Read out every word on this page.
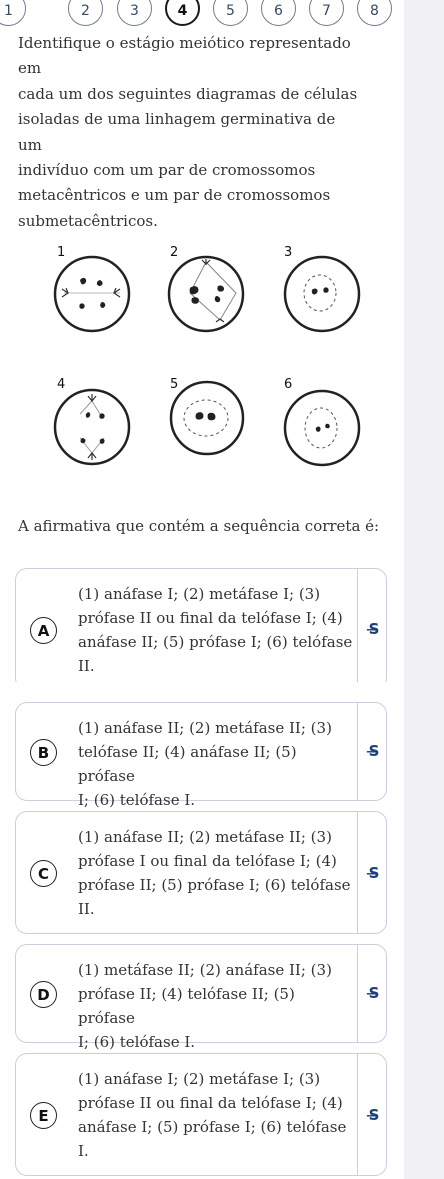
1	2	3	4	5	6	7	8
Identifique o estágio meiótico representado em
cada um dos seguintes diagramas de células
isoladas de uma linhagem germinativa de um
indivíduo com um par de cromossomos
metacêntricos e um par de cromossomos
submetacêntricos.
1	2	3
4	5	6
A afirmativa que contém a sequência correta é:
A
(1) anáfase I; (2) metáfase I; (3)
prófase II ou final da telófase I; (4)
anáfase II; (5) prófase I; (6) telófase
II.
S̶
B
(1) anáfase II; (2) metáfase II; (3)
telófase II; (4) anáfase II; (5) prófase
I; (6) telófase I.
S̶
C
(1) anáfase II; (2) metáfase II; (3)
prófase I ou final da telófase I; (4)
prófase II; (5) prófase I; (6) telófase
II.
S̶
D
(1) metáfase II; (2) anáfase II; (3)
prófase II; (4) telófase II; (5) prófase
I; (6) telófase I.
S̶
E
(1) anáfase I; (2) metáfase I; (3)
prófase II ou final da telófase I; (4)
anáfase I; (5) prófase I; (6) telófase
I.
S̶
